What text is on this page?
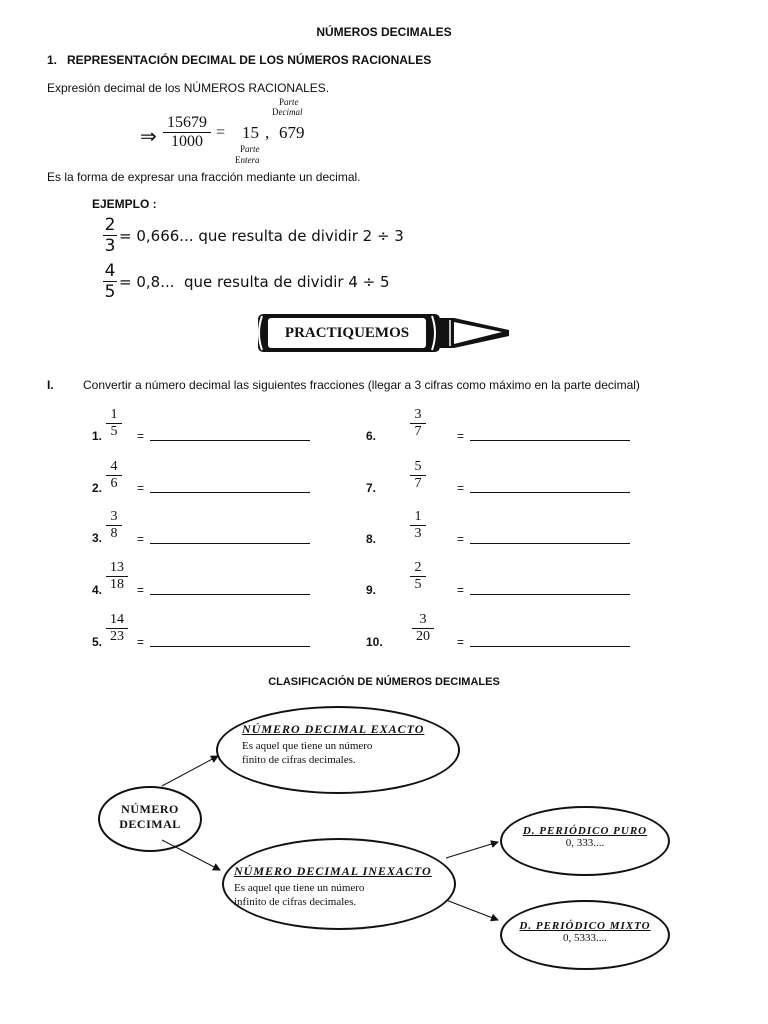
NÚMEROS DECIMALES
1.   REPRESENTACIÓN DECIMAL DE LOS NÚMEROS RACIONALES
Expresión decimal de los NÚMEROS RACIONALES.
⇒
15679
1000
= 15 , 679
Parte
Decimal
Parte
Entera
Es la forma de expresar una fracción mediante un decimal.
EJEMPLO :
2
3 = 0,666... que resulta de dividir 2 ÷ 3
4
5 = 0,8...  que resulta de dividir 4 ÷ 5
PRACTIQUEMOS
I. Convertir a número decimal las siguientes fracciones (llegar a 3 cifras como máximo en la parte decimal)
1.
1
5	=
2.
4
6	=
3.
3
8	=
4.
13
18	=
5.
14
23	=
6.
3
7	=
7.
5
7	=
8.
1
3	=
9.
2
5	=
10.
3
20	=
CLASIFICACIÓN DE NÚMEROS DECIMALES
NÚMERO
DECIMAL
NÚMERO DECIMAL EXACTO
Es aquel que tiene un número
finito de cifras decimales.
NÚMERO DECIMAL INEXACTO
Es aquel que tiene un número
infinito de cifras decimales.
D. PERIÓDICO PURO
0, 333....
D. PERIÓDICO MIXTO
0, 5333....
